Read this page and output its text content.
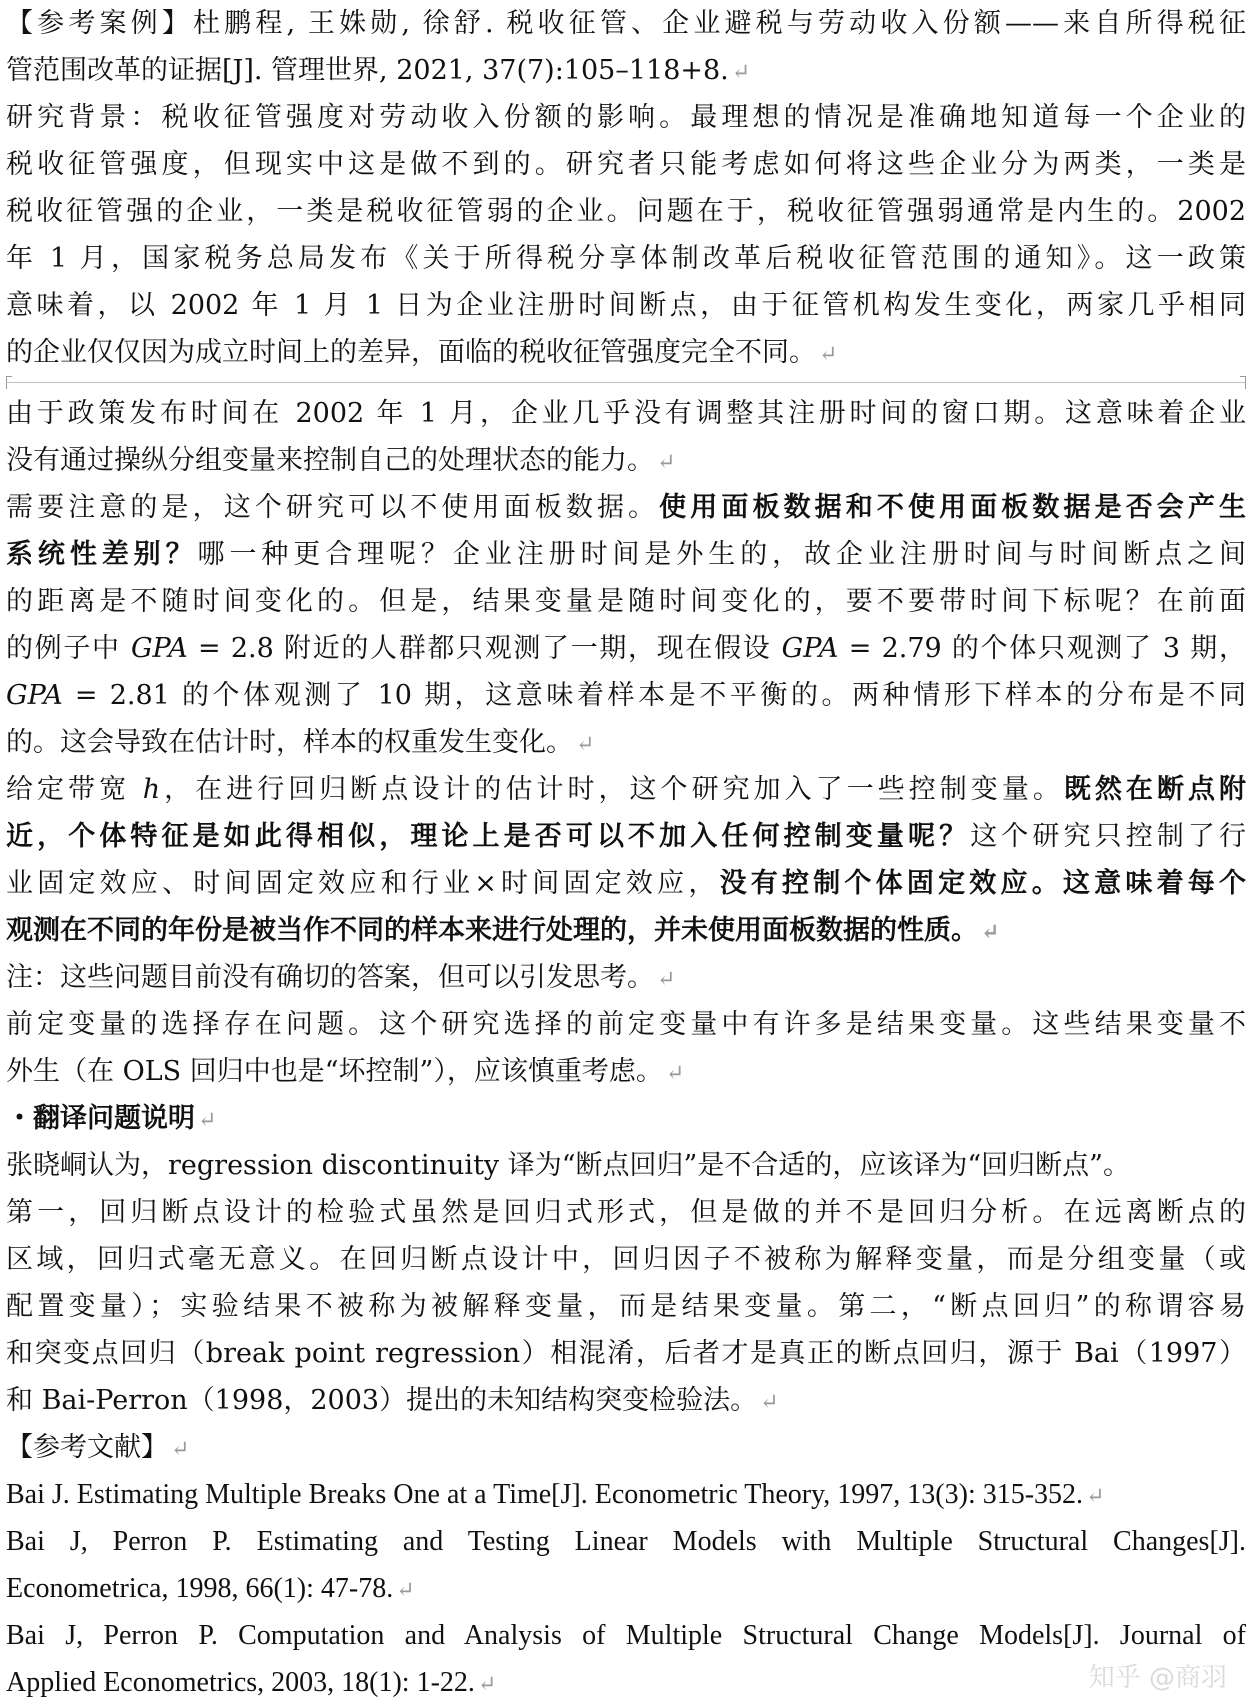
【参考案例】杜鹏程, 王姝勋, 徐舒. 税收征管、企业避税与劳动收入份额——来自所得税征
管范围改革的证据[J]. 管理世界, 2021, 37(7):105–118+8. ↵
研究背景：税收征管强度对劳动收入份额的影响。最理想的情况是准确地知道每一个企业的
税收征管强度，但现实中这是做不到的。研究者只能考虑如何将这些企业分为两类，一类是
税收征管强的企业，一类是税收征管弱的企业。问题在于，税收征管强弱通常是内生的。2002
年 1 月，国家税务总局发布《关于所得税分享体制改革后税收征管范围的通知》。这一政策
意味着，以 2002 年 1 月 1 日为企业注册时间断点，由于征管机构发生变化，两家几乎相同
的企业仅仅因为成立时间上的差异，面临的税收征管强度完全不同。 ↵
由于政策发布时间在 2002 年 1 月，企业几乎没有调整其注册时间的窗口期。这意味着企业
没有通过操纵分组变量来控制自己的处理状态的能力。 ↵
需要注意的是，这个研究可以不使用面板数据。使用面板数据和不使用面板数据是否会产生
系统性差别？哪一种更合理呢？企业注册时间是外生的，故企业注册时间与时间断点之间
的距离是不随时间变化的。但是，结果变量是随时间变化的，要不要带时间下标呢？在前面
的例子中 GPA = 2.8 附近的人群都只观测了一期，现在假设 GPA = 2.79 的个体只观测了 3 期，
GPA = 2.81 的个体观测了 10 期，这意味着样本是不平衡的。两种情形下样本的分布是不同
的。这会导致在估计时，样本的权重发生变化。 ↵
给定带宽 h，在进行回归断点设计的估计时，这个研究加入了一些控制变量。既然在断点附
近，个体特征是如此得相似，理论上是否可以不加入任何控制变量呢？这个研究只控制了行
业固定效应、时间固定效应和行业×时间固定效应，没有控制个体固定效应。这意味着每个
观测在不同的年份是被当作不同的样本来进行处理的，并未使用面板数据的性质。 ↵
注：这些问题目前没有确切的答案，但可以引发思考。 ↵
前定变量的选择存在问题。这个研究选择的前定变量中有许多是结果变量。这些结果变量不
外生（在 OLS 回归中也是“坏控制”），应该慎重考虑。 ↵
・翻译问题说明 ↵
张晓峒认为，regression discontinuity 译为“断点回归”是不合适的，应该译为“回归断点”。
第一，回归断点设计的检验式虽然是回归式形式，但是做的并不是回归分析。在远离断点的
区域，回归式毫无意义。在回归断点设计中，回归因子不被称为解释变量，而是分组变量（或
配置变量）；实验结果不被称为被解释变量，而是结果变量。第二，“断点回归”的称谓容易
和突变点回归（break point regression）相混淆，后者才是真正的断点回归，源于 Bai（1997）
和 Bai-Perron（1998，2003）提出的未知结构突变检验法。 ↵
【参考文献】 ↵
Bai J. Estimating Multiple Breaks One at a Time[J]. Econometric Theory, 1997, 13(3): 315-352. ↵
Bai J, Perron P. Estimating and Testing Linear Models with Multiple Structural Changes[J].
Econometrica, 1998, 66(1): 47-78. ↵
Bai J, Perron P. Computation and Analysis of Multiple Structural Change Models[J]. Journal of
Applied Econometrics, 2003, 18(1): 1-22. ↵	知乎 @商羽
